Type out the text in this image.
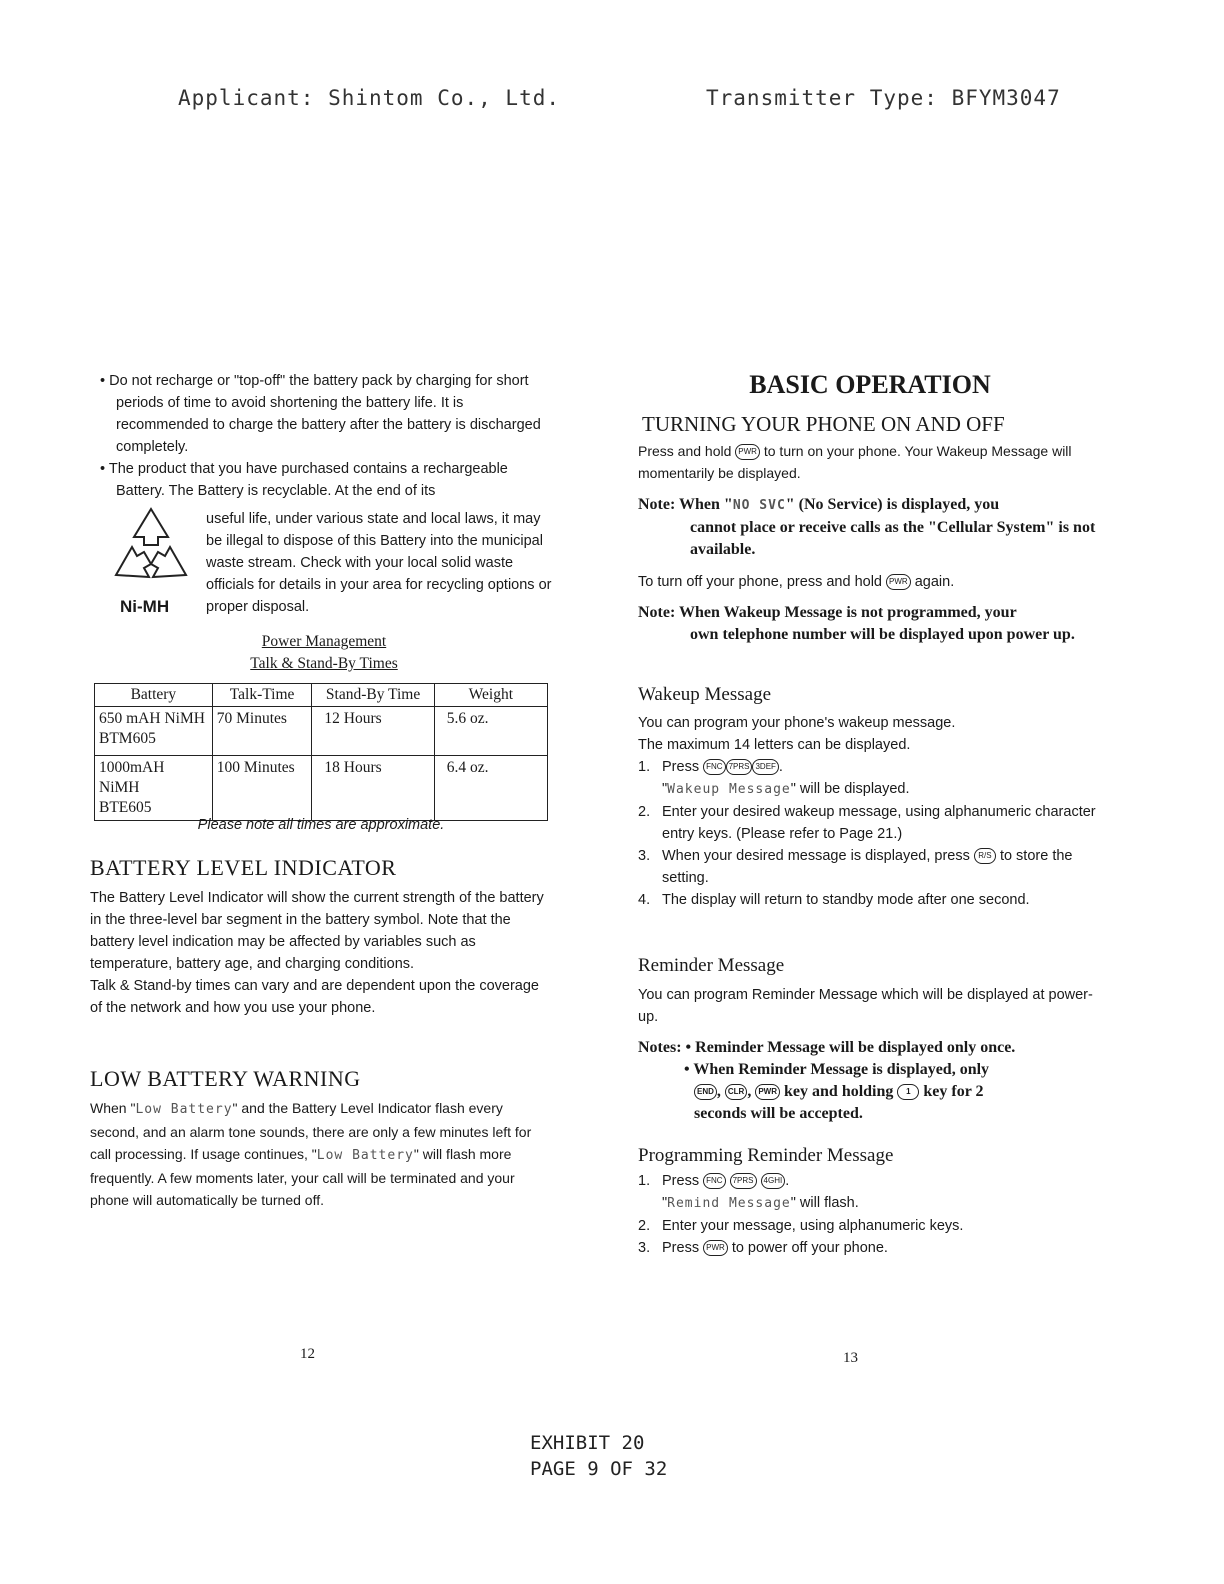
Applicant: Shintom Co., Ltd.	Transmitter Type: BFYM3047
• Do not recharge or "top-off" the battery pack by charging for short periods of time to avoid shortening the battery life. It is recommended to charge the battery after the battery is discharged completely.
• The product that you have purchased contains a rechargeable Battery. The Battery is recyclable. At the end of its
Ni-MH
useful life, under various state and local laws, it may be illegal to dispose of this Battery into the municipal waste stream. Check with your local solid waste officials for details in your area for recycling options or proper disposal.
Power Management
Talk & Stand-By Times
Battery	Talk-Time	Stand-By Time	Weight
650 mAH NiMH
BTM605	70 Minutes	12 Hours	5.6 oz.
1000mAH NiMH
BTE605	100 Minutes	18 Hours	6.4 oz.
Please note all times are approximate.
BATTERY LEVEL INDICATOR
The Battery Level Indicator will show the current strength of the battery in the three-level bar segment in the battery symbol. Note that the battery level indication may be affected by variables such as temperature, battery age, and charging conditions.
Talk & Stand-by times can vary and are dependent upon the coverage of the network and how you use your phone.
LOW BATTERY WARNING
When "Low Battery" and the Battery Level Indicator flash every second, and an alarm tone sounds, there are only a few minutes left for call processing. If usage continues, "Low Battery" will flash more frequently. A few moments later, your call will be terminated and your phone will automatically be turned off.
BASIC OPERATION
TURNING YOUR PHONE ON AND OFF
Press and hold PWR to turn on your phone. Your Wakeup Message will momentarily be displayed.
Note: When "NO SVC" (No Service) is displayed, you
cannot place or receive calls as the "Cellular System" is not available.
To turn off your phone, press and hold PWR again.
Note: When Wakeup Message is not programmed, your
own telephone number will be displayed upon power up.
Wakeup Message
You can program your phone's wakeup message.
The maximum 14 letters can be displayed.
1. Press FNC 7PRS 3DEF .
"Wakeup Message" will be displayed.
2. Enter your desired wakeup message, using alphanumeric character entry keys. (Please refer to Page 21.)
3. When your desired message is displayed, press R/S to store the setting.
4. The display will return to standby mode after one second.
Reminder Message
You can program Reminder Message which will be displayed at power-up.
Notes: • Reminder Message will be displayed only once.
• When Reminder Message is displayed, only
END , CLR , PWR key and holding 1 key for 2
seconds will be accepted.
Programming Reminder Message
1. Press FNC 7PRS 4GHI .
"Remind Message" will flash.
2. Enter your message, using alphanumeric keys.
3. Press PWR to power off your phone.
12	13
EXHIBIT 20
PAGE 9 OF 32
